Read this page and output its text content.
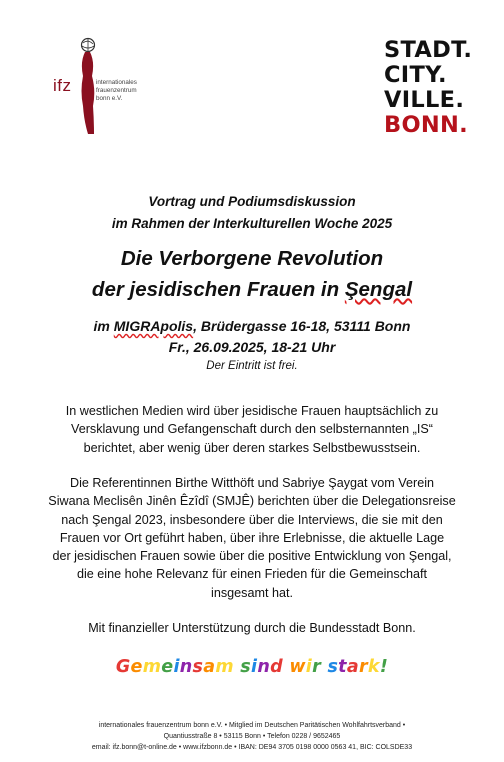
ifz	internationales
frauenzentrum
bonn e.V.
STADT.
CITY.
VILLE.
BONN.
Vortrag und Podiumsdiskussion
im Rahmen der Interkulturellen Woche 2025
Die Verborgene Revolution
der jesidischen Frauen in Şengal
im MIGRApolis, Brüdergasse 16-18, 53111 Bonn
Fr., 26.09.2025, 18-21 Uhr
Der Eintritt ist frei.
In westlichen Medien wird über jesidische Frauen hauptsächlich zu
Versklavung und Gefangenschaft durch den selbsternannten „IS“
berichtet, aber wenig über deren starkes Selbstbewusstsein.
Die Referentinnen Birthe Witthöft und Sabriye Şaygat vom Verein
Siwana Meclisên Jinên Êzîdî (SMJÊ) berichten über die Delegationsreise
nach Şengal 2023, insbesondere über die Interviews, die sie mit den
Frauen vor Ort geführt haben, über ihre Erlebnisse, die aktuelle Lage
der jesidischen Frauen sowie über die positive Entwicklung von Şengal,
die eine hohe Relevanz für einen Frieden für die Gemeinschaft
insgesamt hat.
Mit finanzieller Unterstützung durch die Bundesstadt Bonn.
Gemeinsam sind wir stark!
internationales frauenzentrum bonn e.V. • Mitglied im Deutschen Paritätischen Wohlfahrtsverband •
Quantiusstraße 8 • 53115 Bonn • Telefon 0228 / 9652465
email: ifz.bonn@t-online.de • www.ifzbonn.de • IBAN: DE94 3705 0198 0000 0563 41, BIC: COLSDE33
